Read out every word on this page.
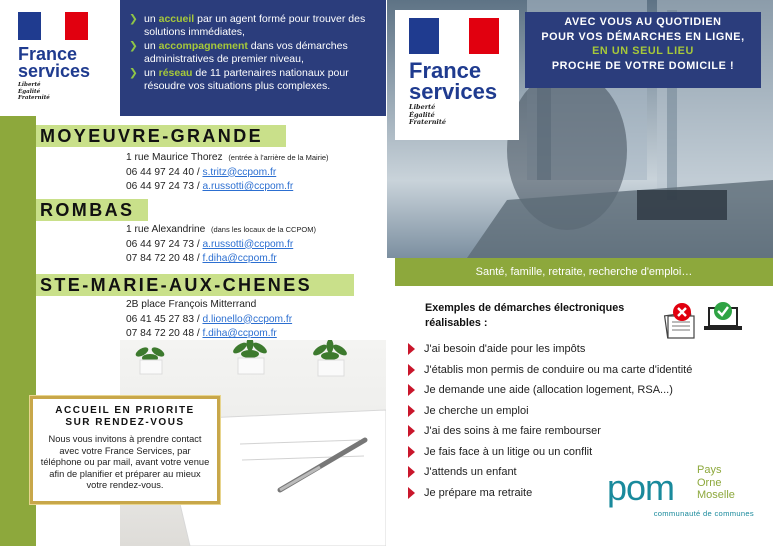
France
services
Liberté
Égalité
Fraternité
❯ un accueil par un agent formé pour trouver des solutions immédiates,
❯ un accompagnement dans vos démarches administratives de premier niveau,
❯ un réseau de 11 partenaires nationaux pour résoudre vos situations plus complexes.
MOYEUVRE-GRANDE
1 rue Maurice Thorez (entrée à l'arrière de la Mairie)
06 44 97 24 40 / s.tritz@ccpom.fr
06 44 97 24 73 / a.russotti@ccpom.fr
ROMBAS
1 rue Alexandrine (dans les locaux de la CCPOM)
06 44 97 24 73 / a.russotti@ccpom.fr
07 84 72 20 48 / f.diha@ccpom.fr
STE-MARIE-AUX-CHENES
2B place François Mitterrand
06 41 45 27 83 / d.lionello@ccpom.fr
07 84 72 20 48 / f.diha@ccpom.fr
ACCUEIL EN PRIORITE
SUR RENDEZ-VOUS
Nous vous invitons à prendre contact avec votre France Services, par téléphone ou par mail, avant votre venue afin de planifier et préparer au mieux votre rendez-vous.
France
services
Liberté
Égalité
Fraternité
AVEC VOUS AU QUOTIDIEN
POUR VOS DÉMARCHES EN LIGNE,
EN UN SEUL LIEU
PROCHE DE VOTRE DOMICILE !
Santé, famille, retraite, recherche d'emploi…
Exemples de démarches électroniques réalisables :
J'ai besoin d'aide pour les impôts
J'établis mon permis de conduire ou ma carte d'identité
Je demande une aide (allocation logement, RSA...)
Je cherche un emploi
J'ai des soins à me faire rembourser
Je fais face à un litige ou un conflit
J'attends un enfant
Je prépare ma retraite pom Pays
Orne
Moselle
communauté de communes
